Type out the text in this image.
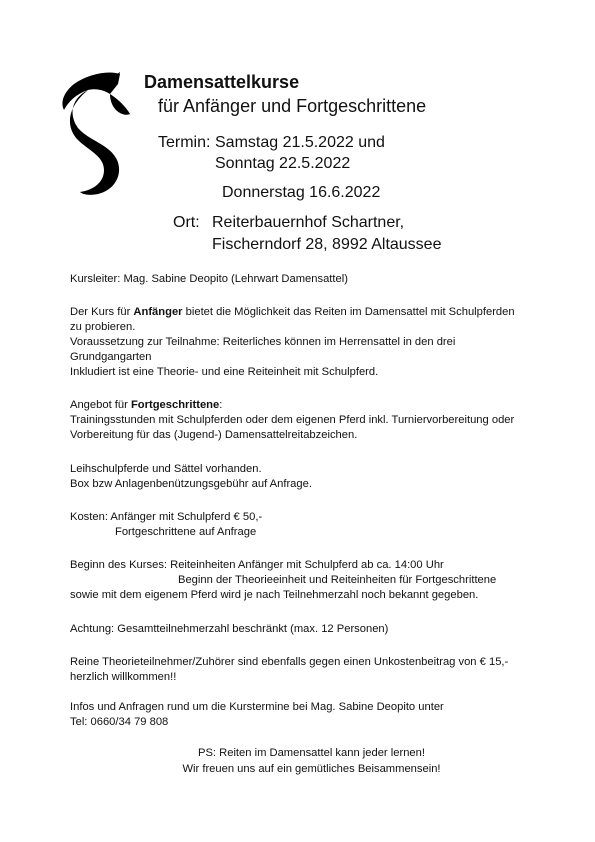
Damensattelkurse
für Anfänger und Fortgeschrittene
Termin: Samstag 21.5.2022 und
Sonntag 22.5.2022
Donnerstag 16.6.2022
Ort: Reiterbauernhof Schartner,
Fischerndorf 28, 8992 Altaussee
Kursleiter: Mag. Sabine Deopito (Lehrwart Damensattel)
Der Kurs für Anfänger bietet die Möglichkeit das Reiten im Damensattel mit Schulpferden
zu probieren.
Voraussetzung zur Teilnahme: Reiterliches können im Herrensattel in den drei
Grundgangarten
Inkludiert ist eine Theorie- und eine Reiteinheit mit Schulpferd.
Angebot für Fortgeschrittene:
Trainingsstunden mit Schulpferden oder dem eigenen Pferd inkl. Turniervorbereitung oder
Vorbereitung für das (Jugend-) Damensattelreitabzeichen.
Leihschulpferde und Sättel vorhanden.
Box bzw Anlagenbenützungsgebühr auf Anfrage.
Kosten: Anfänger mit Schulpferd € 50,-
Fortgeschrittene auf Anfrage
Beginn des Kurses: Reiteinheiten Anfänger mit Schulpferd ab ca. 14:00 Uhr
Beginn der Theorieeinheit und Reiteinheiten für Fortgeschrittene
sowie mit dem eigenem Pferd wird je nach Teilnehmerzahl noch bekannt gegeben.
Achtung: Gesamtteilnehmerzahl beschränkt (max. 12 Personen)
Reine Theorieteilnehmer/Zuhörer sind ebenfalls gegen einen Unkostenbeitrag von € 15,-
herzlich willkommen!!
Infos und Anfragen rund um die Kurstermine bei Mag. Sabine Deopito unter
Tel: 0660/34 79 808
PS: Reiten im Damensattel kann jeder lernen!
Wir freuen uns auf ein gemütliches Beisammensein!
